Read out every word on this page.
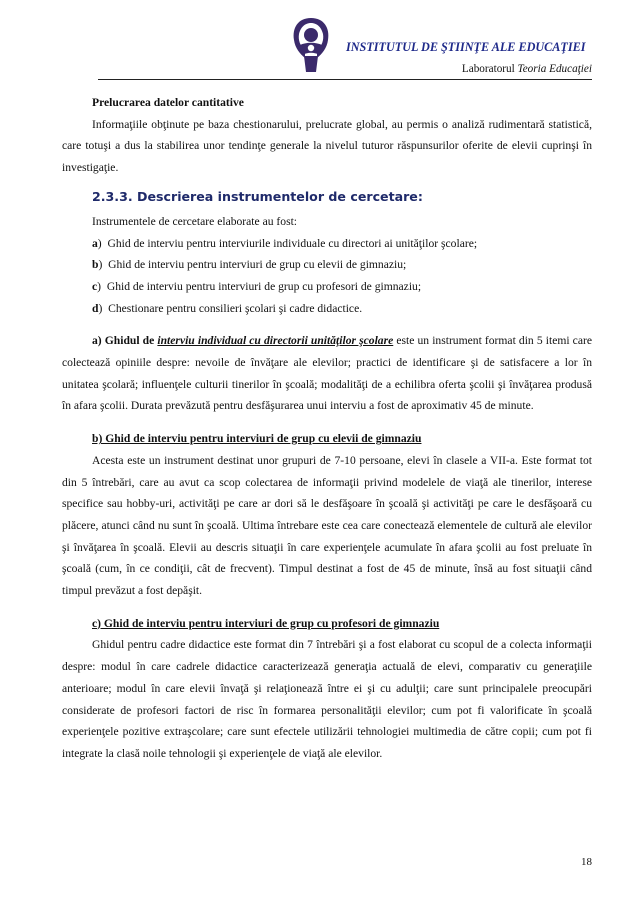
INSTITUTUL DE ŞTIINŢE ALE EDUCAŢIEI
Laboratorul Teoria Educaţiei

Prelucrarea datelor cantitative

Informaţiile obţinute pe baza chestionarului, prelucrate global, au permis o analiză rudimentară statistică, care totuşi a dus la stabilirea unor tendinţe generale la nivelul tuturor răspunsurilor oferite de elevii cuprinşi în investigaţie.

2.3.3. Descrierea instrumentelor de cercetare:

Instrumentele de cercetare elaborate au fost:

a)  Ghid de interviu pentru interviurile individuale cu directori ai unităţilor şcolare;

b)  Ghid de interviu pentru interviuri de grup cu elevii de gimnaziu;

c)  Ghid de interviu pentru interviuri de grup cu profesori de gimnaziu;

d)  Chestionare pentru consilieri şcolari şi cadre didactice.

a) Ghidul de interviu individual cu directorii unităţilor şcolare este un instrument format din 5 itemi care colectează opiniile despre: nevoile de învăţare ale elevilor; practici de identificare şi de satisfacere a lor în unitatea şcolară; influenţele culturii tinerilor în şcoală; modalităţi de a echilibra oferta şcolii şi învăţarea produsă în afara şcolii. Durata prevăzută pentru desfăşurarea unui interviu a fost de aproximativ 45 de minute.

b) Ghid de interviu pentru interviuri de grup cu elevii de gimnaziu

Acesta este un instrument destinat unor grupuri de 7-10 persoane, elevi în clasele a VII-a. Este format tot din 5 întrebări, care au avut ca scop colectarea de informaţii privind modelele de viaţă ale tinerilor, interese specifice sau hobby-uri, activităţi pe care ar dori să le desfăşoare în şcoală şi activităţi pe care le desfăşoară cu plăcere, atunci când nu sunt în şcoală. Ultima întrebare este cea care conectează elementele de cultură ale elevilor şi învăţarea în şcoală. Elevii au descris situaţii în care experienţele acumulate în afara şcolii au fost preluate în şcoală (cum, în ce condiţii, cât de frecvent). Timpul destinat a fost de 45 de minute, însă au fost situaţii când timpul prevăzut a fost depăşit.

c) Ghid de interviu pentru interviuri de grup cu profesori de gimnaziu

Ghidul pentru cadre didactice este format din 7 întrebări şi a fost elaborat cu scopul de a colecta informaţii despre: modul în care cadrele didactice caracterizează generaţia actuală de elevi, comparativ cu generaţiile anterioare; modul în care elevii învaţă şi relaţionează între ei şi cu adulţii; care sunt principalele preocupări considerate de profesori factori de risc în formarea personalităţii elevilor; cum pot fi valorificate în şcoală experienţele pozitive extraşcolare; care sunt efectele utilizării tehnologiei multimedia de către copii; cum pot fi integrate la clasă noile tehnologii şi experienţele de viaţă ale elevilor.

18
